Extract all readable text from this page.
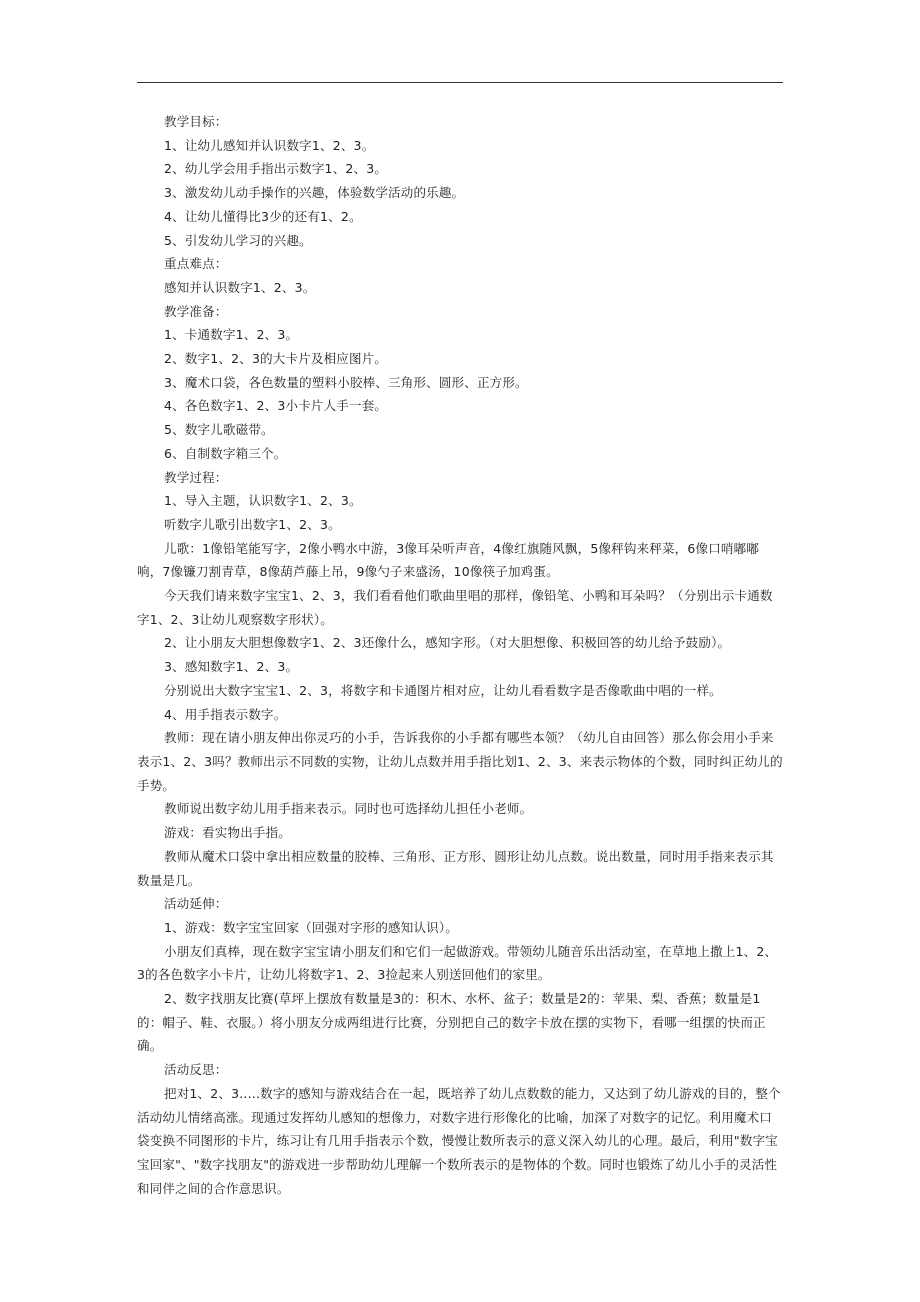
教学目标：

1、让幼儿感知并认识数字1、2、3。

2、幼儿学会用手指出示数字1、2、3。

3、激发幼儿动手操作的兴趣，体验数学活动的乐趣。

4、让幼儿懂得比3少的还有1、2。

5、引发幼儿学习的兴趣。

重点难点：

感知并认识数字1、2、3。

教学准备：

1、卡通数字1、2、3。

2、数字1、2、3的大卡片及相应图片。

3、魔术口袋，各色数量的塑料小胶棒、三角形、圆形、正方形。

4、各色数字1、2、3小卡片人手一套。

5、数字儿歌磁带。

6、自制数字箱三个。

教学过程：

1、导入主题，认识数字1、2、3。

听数字儿歌引出数字1、2、3。

儿歌：1像铅笔能写字，2像小鸭水中游，3像耳朵听声音，4像红旗随风飘，5像秤钩来秤菜，6像口哨嘟嘟响，7像镰刀割青草，8像葫芦藤上吊，9像勺子来盛汤，10像筷子加鸡蛋。

今天我们请来数字宝宝1、2、3，我们看看他们歌曲里唱的那样，像铅笔、小鸭和耳朵吗？（分别出示卡通数字1、2、3让幼儿观察数字形状）。

2、让小朋友大胆想像数字1、2、3还像什么，感知字形。（对大胆想像、积极回答的幼儿给予鼓励）。

3、感知数字1、2、3。

分别说出大数字宝宝1、2、3，将数字和卡通图片相对应，让幼儿看看数字是否像歌曲中唱的一样。

4、用手指表示数字。

教师：现在请小朋友伸出你灵巧的小手，告诉我你的小手都有哪些本领？（幼儿自由回答）那么你会用小手来表示1、2、3吗？教师出示不同数的实物，让幼儿点数并用手指比划1、2、3、来表示物体的个数，同时纠正幼儿的手势。

教师说出数字幼儿用手指来表示。同时也可选择幼儿担任小老师。

游戏：看实物出手指。

教师从魔术口袋中拿出相应数量的胶棒、三角形、正方形、圆形让幼儿点数。说出数量，同时用手指来表示其数量是几。

活动延伸：

1、游戏：数字宝宝回家（回强对字形的感知认识）。

小朋友们真棒，现在数字宝宝请小朋友们和它们一起做游戏。带领幼儿随音乐出活动室，在草地上撒上1、2、3的各色数字小卡片，让幼儿将数字1、2、3捡起来人别送回他们的家里。

2、数字找朋友比赛(草坪上摆放有数量是3的：积木、水杯、盆子；数量是2的：苹果、梨、香蕉；数量是1的：帽子、鞋、衣服。）将小朋友分成两组进行比赛，分别把自己的数字卡放在摆的实物下，看哪一组摆的快而正确。

活动反思：

把对1、2、3.....数字的感知与游戏结合在一起，既培养了幼儿点数数的能力，又达到了幼儿游戏的目的，整个活动幼儿情绪高涨。现通过发挥幼儿感知的想像力，对数字进行形像化的比喻，加深了对数字的记忆。利用魔术口袋变换不同图形的卡片，练习让有几用手指表示个数，慢慢让数所表示的意义深入幼儿的心理。最后，利用"数字宝宝回家"、"数字找朋友"的游戏进一步帮助幼儿理解一个数所表示的是物体的个数。同时也锻炼了幼儿小手的灵活性和同伴之间的合作意思识。
